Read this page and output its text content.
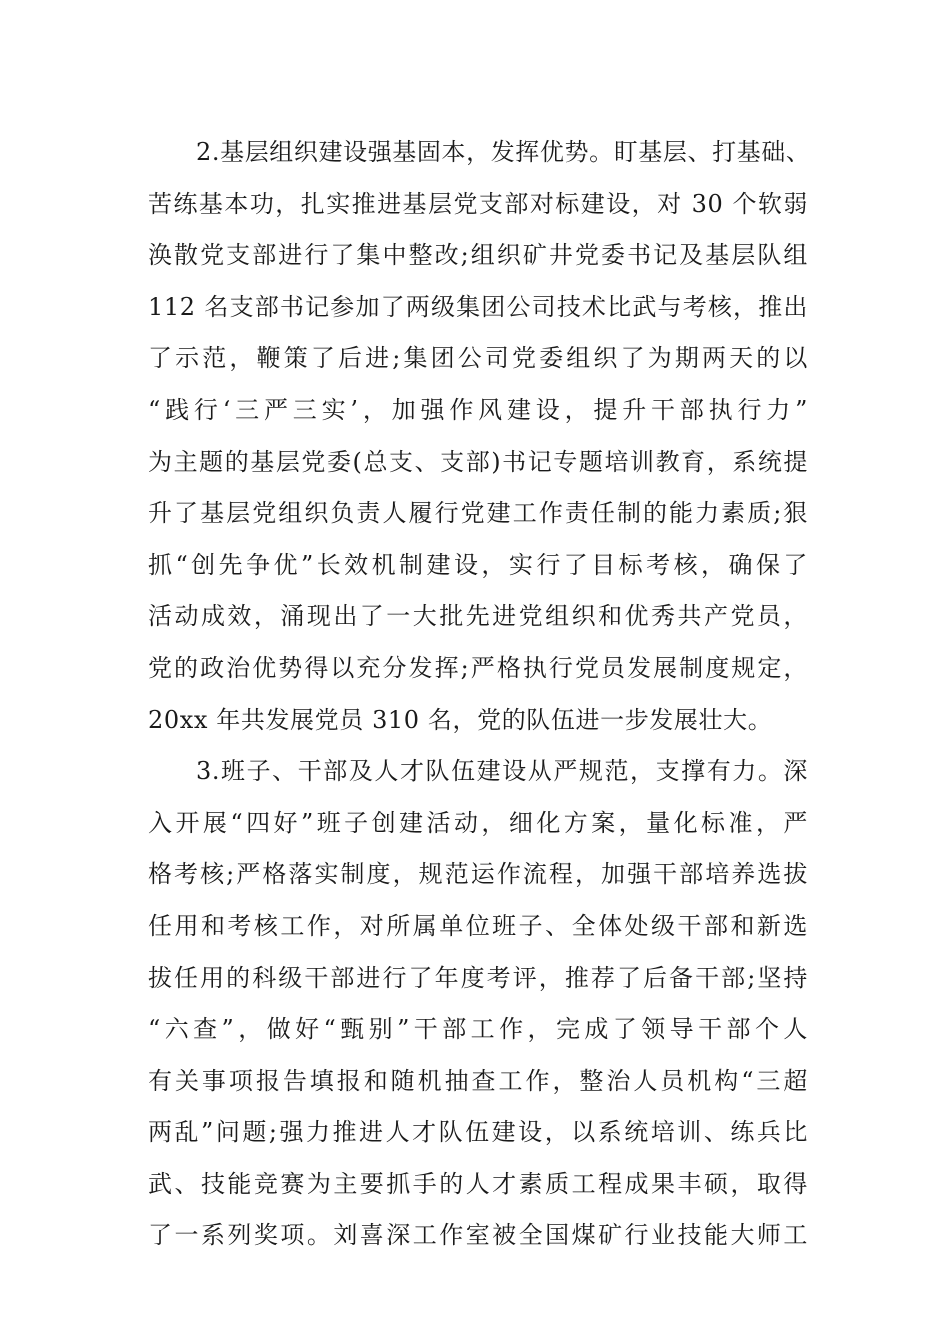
2.基层组织建设强基固本，发挥优势。盯基层、打基础、
苦练基本功，扎实推进基层党支部对标建设，对 30 个软弱
涣散党支部进行了集中整改;组织矿井党委书记及基层队组
112 名支部书记参加了两级集团公司技术比武与考核，推出
了示范，鞭策了后进;集团公司党委组织了为期两天的以
“践行‘三严三实’，加强作风建设，提升干部执行力”
为主题的基层党委(总支、支部)书记专题培训教育，系统提
升了基层党组织负责人履行党建工作责任制的能力素质;狠
抓“创先争优”长效机制建设，实行了目标考核，确保了
活动成效，涌现出了一大批先进党组织和优秀共产党员，
党的政治优势得以充分发挥;严格执行党员发展制度规定，
20xx 年共发展党员 310 名，党的队伍进一步发展壮大。
3.班子、干部及人才队伍建设从严规范，支撑有力。深
入开展“四好”班子创建活动，细化方案，量化标准，严
格考核;严格落实制度，规范运作流程，加强干部培养选拔
任用和考核工作，对所属单位班子、全体处级干部和新选
拔任用的科级干部进行了年度考评，推荐了后备干部;坚持
“六查”，做好“甄别”干部工作，完成了领导干部个人
有关事项报告填报和随机抽查工作，整治人员机构“三超
两乱”问题;强力推进人才队伍建设，以系统培训、练兵比
武、技能竞赛为主要抓手的人才素质工程成果丰硕，取得
了一系列奖项。刘喜深工作室被全国煤矿行业技能大师工
